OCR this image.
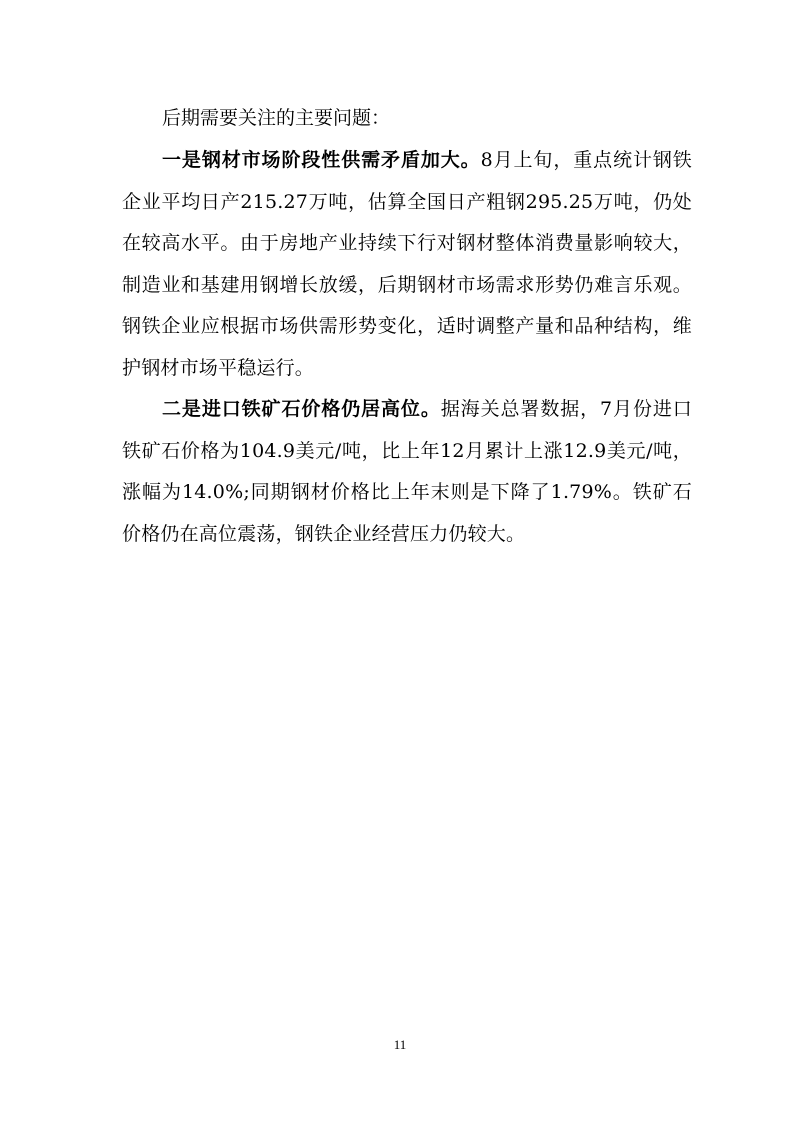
后期需要关注的主要问题：

一是钢材市场阶段性供需矛盾加大。8月上旬，重点统计钢铁企业平均日产215.27万吨，估算全国日产粗钢295.25万吨，仍处在较高水平。由于房地产业持续下行对钢材整体消费量影响较大，制造业和基建用钢增长放缓，后期钢材市场需求形势仍难言乐观。钢铁企业应根据市场供需形势变化，适时调整产量和品种结构，维护钢材市场平稳运行。

二是进口铁矿石价格仍居高位。据海关总署数据，7月份进口铁矿石价格为104.9美元/吨，比上年12月累计上涨12.9美元/吨，涨幅为14.0%;同期钢材价格比上年末则是下降了1.79%。铁矿石价格仍在高位震荡，钢铁企业经营压力仍较大。

11
